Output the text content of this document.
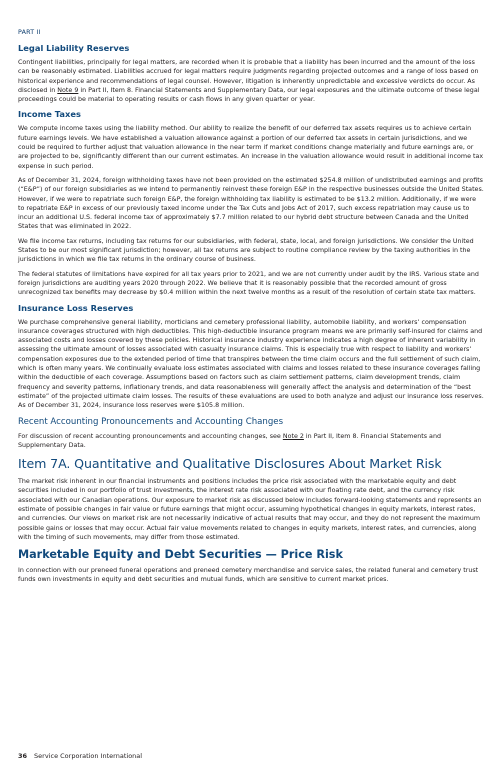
PART II
Legal Liability Reserves

Contingent liabilities, principally for legal matters, are recorded when it is probable that a liability has been incurred and the amount of the loss can be reasonably estimated. Liabilities accrued for legal matters require judgments regarding projected outcomes and a range of loss based on historical experience and recommendations of legal counsel. However, litigation is inherently unpredictable and excessive verdicts do occur. As disclosed in Note 9 in Part II, Item 8. Financial Statements and Supplementary Data, our legal exposures and the ultimate outcome of these legal proceedings could be material to operating results or cash flows in any given quarter or year.

Income Taxes

We compute income taxes using the liability method. Our ability to realize the benefit of our deferred tax assets requires us to achieve certain future earnings levels. We have established a valuation allowance against a portion of our deferred tax assets in certain jurisdictions, and we could be required to further adjust that valuation allowance in the near term if market conditions change materially and future earnings are, or are projected to be, significantly different than our current estimates. An increase in the valuation allowance would result in additional income tax expense in such period.

As of December 31, 2024, foreign withholding taxes have not been provided on the estimated $254.8 million of undistributed earnings and profits (“E&P”) of our foreign subsidiaries as we intend to permanently reinvest these foreign E&P in the respective businesses outside the United States. However, if we were to repatriate such foreign E&P, the foreign withholding tax liability is estimated to be $13.2 million. Additionally, if we were to repatriate E&P in excess of our previously taxed income under the Tax Cuts and Jobs Act of 2017, such excess repatriation may cause us to incur an additional U.S. federal income tax of approximately $7.7 million related to our hybrid debt structure between Canada and the United States that was eliminated in 2022.

We file income tax returns, including tax returns for our subsidiaries, with federal, state, local, and foreign jurisdictions. We consider the United States to be our most significant jurisdiction; however, all tax returns are subject to routine compliance review by the taxing authorities in the jurisdictions in which we file tax returns in the ordinary course of business.

The federal statutes of limitations have expired for all tax years prior to 2021, and we are not currently under audit by the IRS. Various state and foreign jurisdictions are auditing years 2020 through 2022. We believe that it is reasonably possible that the recorded amount of gross unrecognized tax benefits may decrease by $0.4 million within the next twelve months as a result of the resolution of certain state tax matters.

Insurance Loss Reserves

We purchase comprehensive general liability, morticians and cemetery professional liability, automobile liability, and workers’ compensation insurance coverages structured with high deductibles. This high-deductible insurance program means we are primarily self-insured for claims and associated costs and losses covered by these policies. Historical insurance industry experience indicates a high degree of inherent variability in assessing the ultimate amount of losses associated with casualty insurance claims. This is especially true with respect to liability and workers’ compensation exposures due to the extended period of time that transpires between the time claim occurs and the full settlement of such claim, which is often many years. We continually evaluate loss estimates associated with claims and losses related to these insurance coverages falling within the deductible of each coverage. Assumptions based on factors such as claim settlement patterns, claim development trends, claim frequency and severity patterns, inflationary trends, and data reasonableness will generally affect the analysis and determination of the “best estimate” of the projected ultimate claim losses. The results of these evaluations are used to both analyze and adjust our insurance loss reserves. As of December 31, 2024, insurance loss reserves were $105.8 million.

Recent Accounting Pronouncements and Accounting Changes

For discussion of recent accounting pronouncements and accounting changes, see Note 2 in Part II, Item 8. Financial Statements and Supplementary Data.

Item 7A. Quantitative and Qualitative Disclosures About Market Risk

The market risk inherent in our financial instruments and positions includes the price risk associated with the marketable equity and debt securities included in our portfolio of trust investments, the interest rate risk associated with our floating rate debt, and the currency risk associated with our Canadian operations. Our exposure to market risk as discussed below includes forward-looking statements and represents an estimate of possible changes in fair value or future earnings that might occur, assuming hypothetical changes in equity markets, interest rates, and currencies. Our views on market risk are not necessarily indicative of actual results that may occur, and they do not represent the maximum possible gains or losses that may occur. Actual fair value movements related to changes in equity markets, interest rates, and currencies, along with the timing of such movements, may differ from those estimated.

Marketable Equity and Debt Securities — Price Risk

In connection with our preneed funeral operations and preneed cemetery merchandise and service sales, the related funeral and cemetery trust funds own investments in equity and debt securities and mutual funds, which are sensitive to current market prices.

36 Service Corporation International
